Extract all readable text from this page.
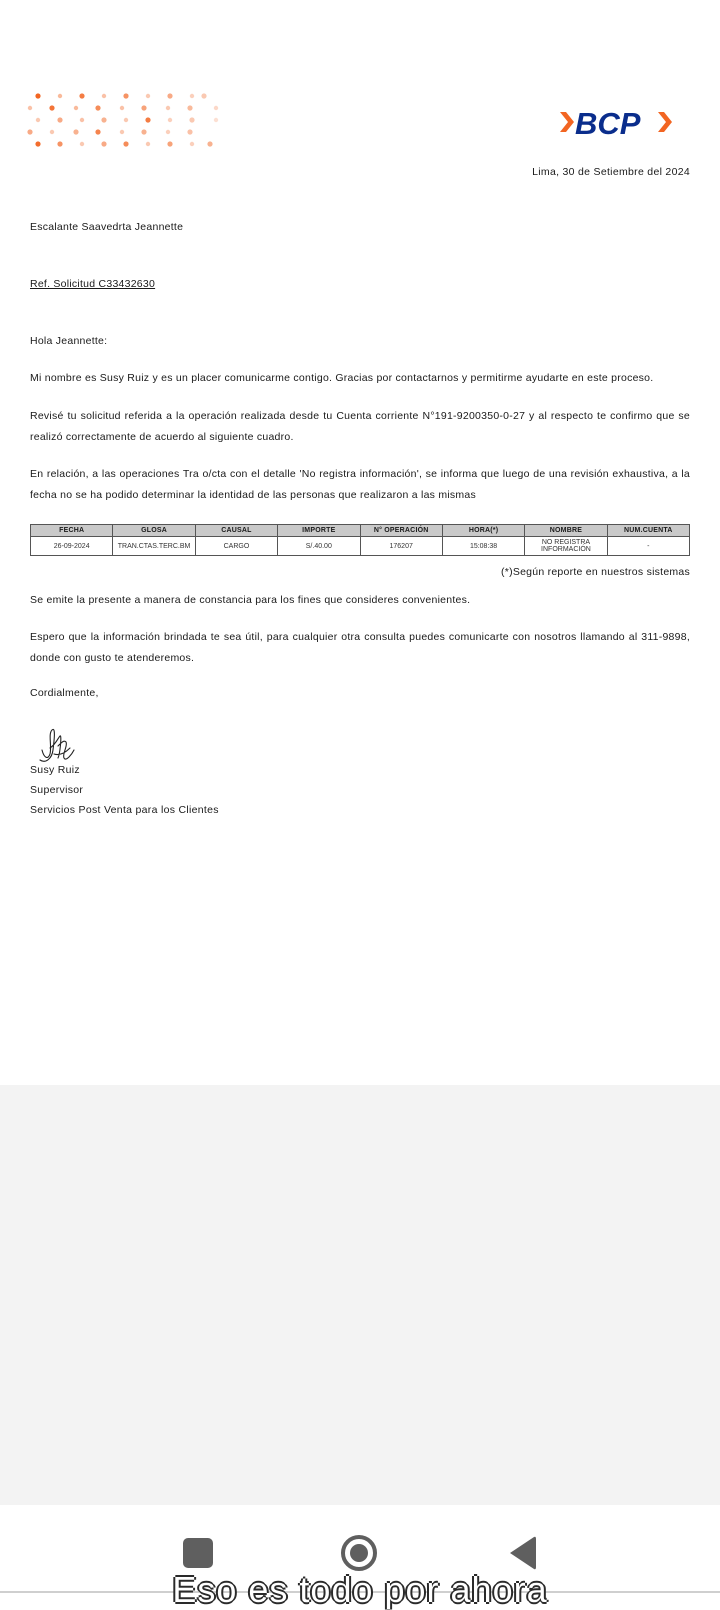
BCP
Lima, 30 de Setiembre del 2024

Escalante Saavedrta Jeannette

Ref. Solicitud C33432630

Hola Jeannette:

Mi nombre es Susy Ruiz y es un placer comunicarme contigo. Gracias por contactarnos y permitirme ayudarte en este proceso.

Revisé tu solicitud referida a la operación realizada desde tu Cuenta corriente N°191-9200350-0-27 y al respecto te confirmo que se realizó correctamente de acuerdo al siguiente cuadro.

En relación, a las operaciones Tra o/cta con el detalle 'No registra información', se informa que luego de una revisión exhaustiva, a la fecha no se ha podido determinar la identidad de las personas que realizaron a las mismas

FECHA	GLOSA	CAUSAL	IMPORTE	N° OPERACIÓN	HORA(*)	NOMBRE	NUM.CUENTA
26-09-2024	TRAN.CTAS.TERC.BM	CARGO	S/.40.00	176207	15:08:38	NO REGISTRA INFORMACIÓN	-
(*)Según reporte en nuestros sistemas

Se emite la presente a manera de constancia para los fines que consideres convenientes.

Espero que la información brindada te sea útil, para cualquier otra consulta puedes comunicarte con nosotros llamando al 311-9898, donde con gusto te atenderemos.

Cordialmente,

Susy Ruiz
Supervisor
Servicios Post Venta para los Clientes
Eso es todo por ahora
